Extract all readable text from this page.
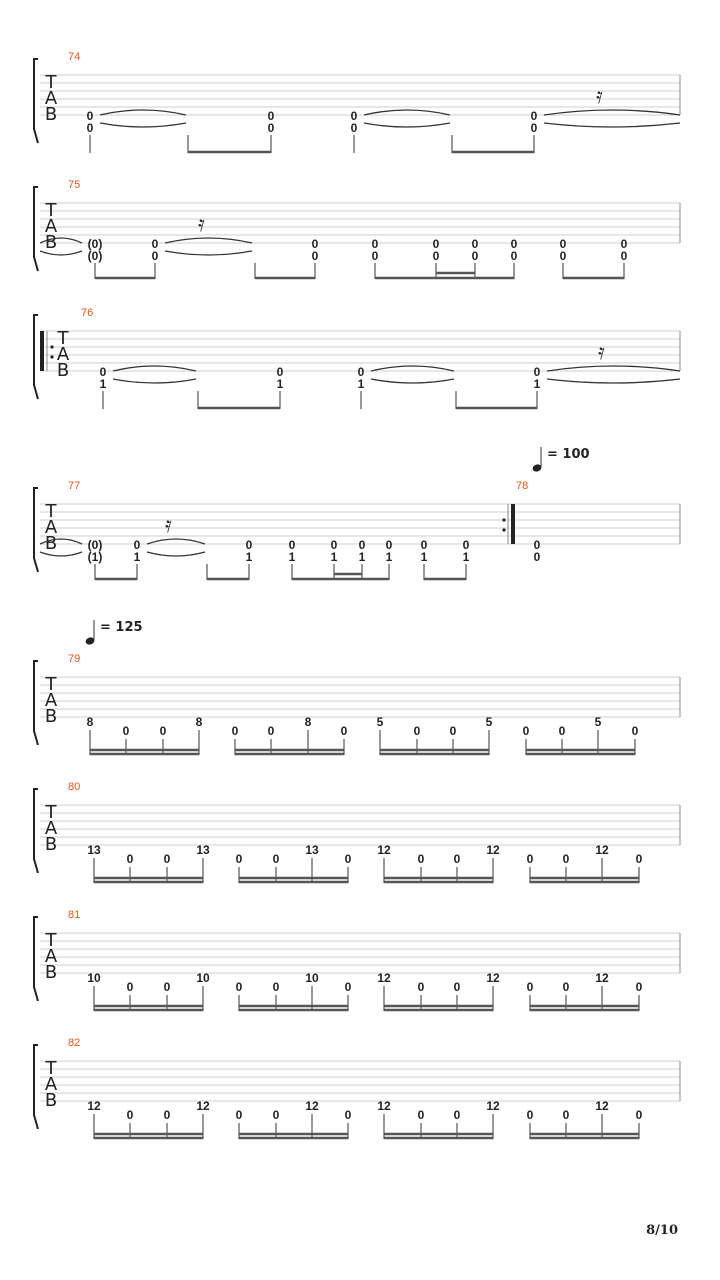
T
A
B
74
0
0
0
0
0
0
0
0
𝄿
T
A
B
75
(0)
(0)
0
0
0
0
0
0
0
0
0
0
0
0
0
0
0
0
𝄿
T
A
B
76
0
1
0
1
0
1
0
1
𝄿
T
A
B
= 100
77	78
(0)
(1)
0
1
0
1
0
1
0
1
0
1
0
1
0
1
0
1
0
0
𝄿
= 125
T
A
B
79
8
0	0
8
0 0
8
0
5
0 0
5
0 0
5
0
T
A
B
80
13
0	0
13
0	0
13
0
12
0 0
12
0 0
12
0
T
A
B
81
10
0	0
10
0	0
10
0
12
0 0
12
0 0
12
0
T
A
B
82
12
0	0
12
0	0
12
0
12
0 0
12
0 0
12
0
8/10
